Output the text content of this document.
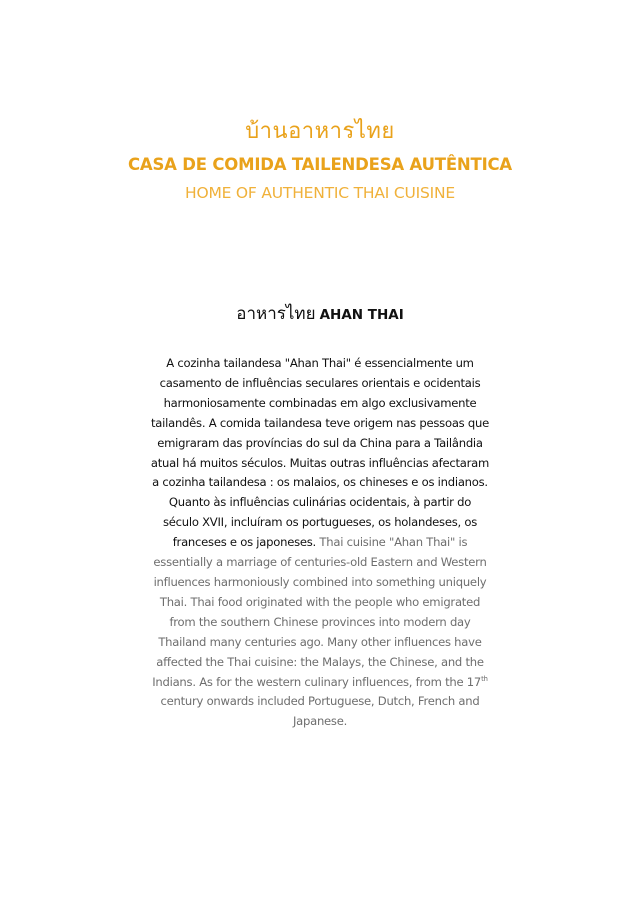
บ้านอาหารไทย
CASA DE COMIDA TAILENDESA AUTÊNTICA
HOME OF AUTHENTIC THAI CUISINE
อาหารไทย AHAN THAI
A cozinha tailandesa "Ahan Thai" é essencialmente um casamento de influências seculares orientais e ocidentais harmoniosamente combinadas em algo exclusivamente tailandês. A comida tailandesa teve origem nas pessoas que emigraram das províncias do sul da China para a Tailândia atual há muitos séculos. Muitas outras influências afectaram a cozinha tailandesa : os malaios, os chineses e os indianos. Quanto às influências culinárias ocidentais, à partir do século XVII, incluíram os portugueses, os holandeses, os franceses e os japoneses. Thai cuisine "Ahan Thai" is essentially a marriage of centuries-old Eastern and Western influences harmoniously combined into something uniquely Thai. Thai food originated with the people who emigrated from the southern Chinese provinces into modern day Thailand many centuries ago. Many other influences have affected the Thai cuisine: the Malays, the Chinese, and the Indians. As for the western culinary influences, from the 17th century onwards included Portuguese, Dutch, French and Japanese.
